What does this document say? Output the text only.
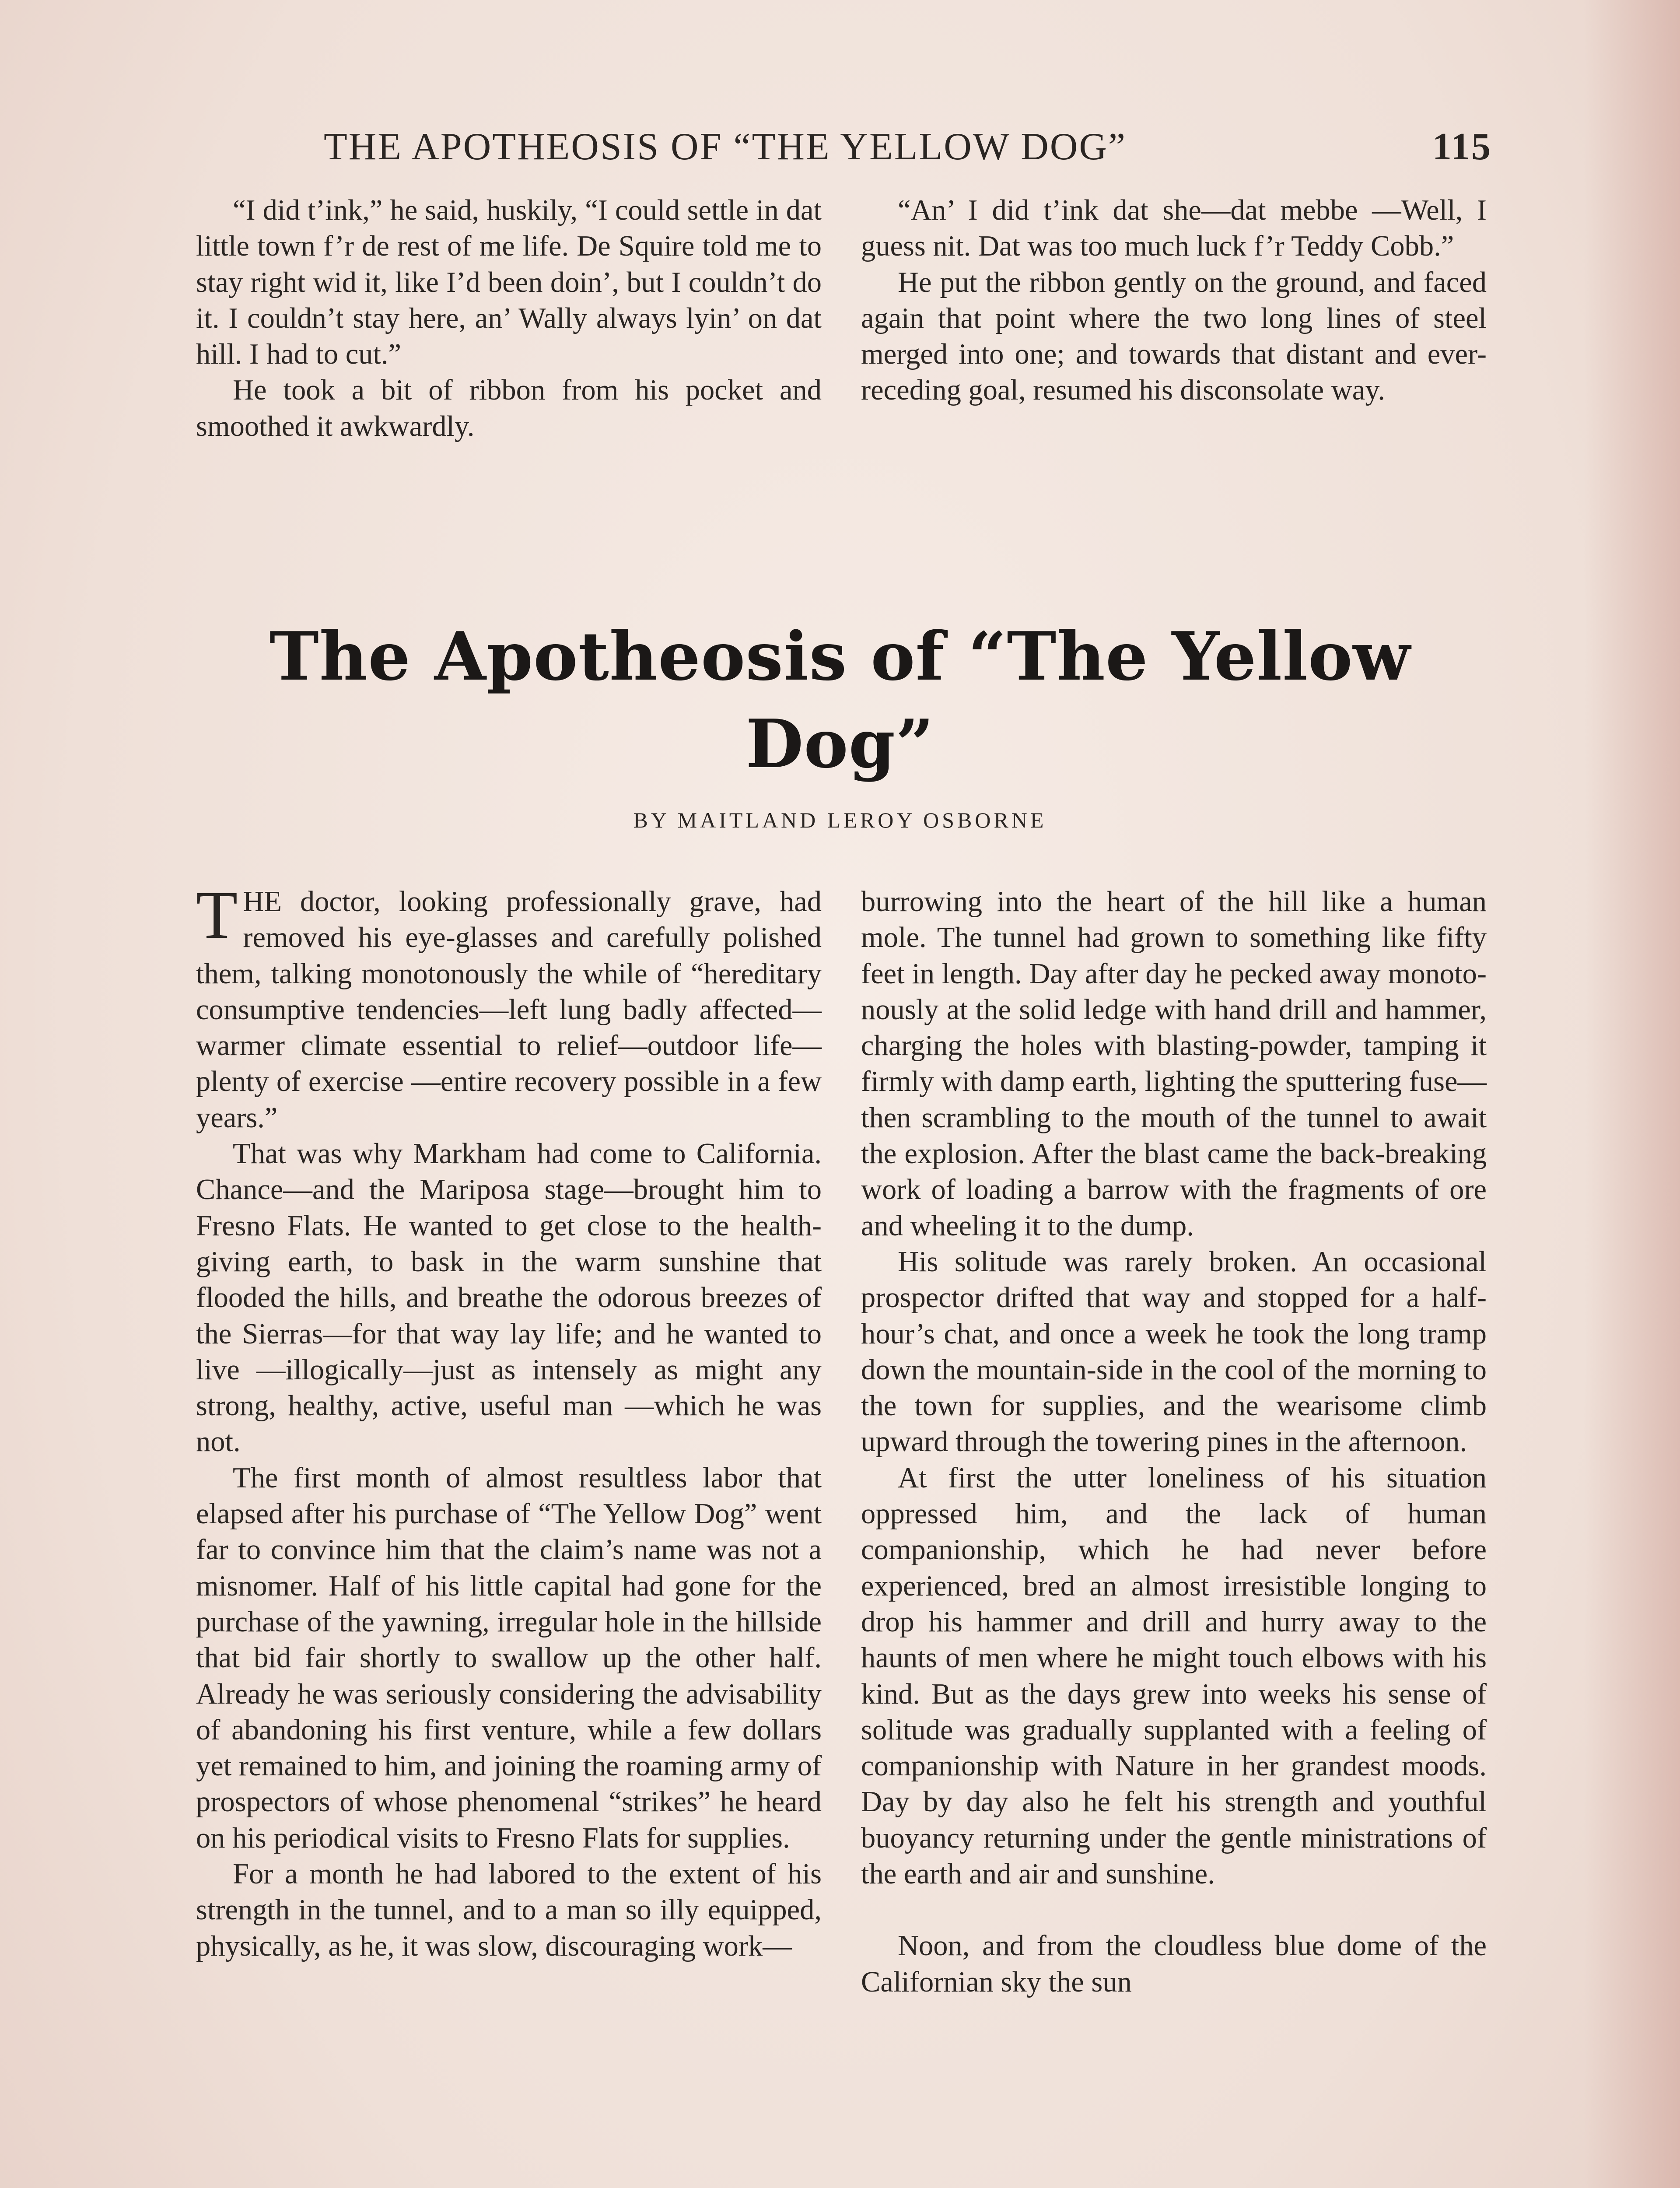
THE APOTHEOSIS OF “THE YELLOW DOG”	115

“I did t’ink,” he said, huskily, “I could settle in dat little town f’r de rest of me life. De Squire told me to stay right wid it, like I’d been doin’, but I couldn’t do it. I couldn’t stay here, an’ Wally always lyin’ on dat hill. I had to cut.”

He took a bit of ribbon from his pocket and smoothed it awkwardly.

“An’ I did t’ink dat she—dat mebbe —Well, I guess nit. Dat was too much luck f’r Teddy Cobb.”

He put the ribbon gently on the ground, and faced again that point where the two long lines of steel merged into one; and towards that distant and ever-receding goal, resumed his disconsolate way.

The Apotheosis of “The Yellow Dog”
BY MAITLAND LEROY OSBORNE

THE doctor, looking professionally grave, had removed his eye-glasses and carefully polished them, talking monotonously the while of “hereditary consumptive tendencies—left lung badly affected—warmer climate essential to relief—outdoor life—plenty of exercise —entire recovery possible in a few years.”

That was why Markham had come to California. Chance—and the Mariposa stage—brought him to Fresno Flats. He wanted to get close to the health-giving earth, to bask in the warm sunshine that flooded the hills, and breathe the odorous breezes of the Sierras—for that way lay life; and he wanted to live —illogically—just as intensely as might any strong, healthy, active, useful man —which he was not.

The first month of almost resultless labor that elapsed after his purchase of “The Yellow Dog” went far to convince him that the claim’s name was not a misnomer. Half of his little capital had gone for the purchase of the yawning, irregular hole in the hillside that bid fair shortly to swallow up the other half. Already he was seriously considering the advisability of abandoning his first venture, while a few dollars yet remained to him, and joining the roaming army of prospectors of whose phenomenal “strikes” he heard on his periodical visits to Fresno Flats for supplies.

For a month he had labored to the extent of his strength in the tunnel, and to a man so illy equipped, physically, as he, it was slow, discouraging work—

burrowing into the heart of the hill like a human mole. The tunnel had grown to something like fifty feet in length. Day after day he pecked away monotonously at the solid ledge with hand drill and hammer, charging the holes with blasting-powder, tamping it firmly with damp earth, lighting the sputtering fuse—then scrambling to the mouth of the tunnel to await the explosion. After the blast came the back-breaking work of loading a barrow with the fragments of ore and wheeling it to the dump.

His solitude was rarely broken. An occasional prospector drifted that way and stopped for a half-hour’s chat, and once a week he took the long tramp down the mountain-side in the cool of the morning to the town for supplies, and the wearisome climb upward through the towering pines in the afternoon.

At first the utter loneliness of his situation oppressed him, and the lack of human companionship, which he had never before experienced, bred an almost irresistible longing to drop his hammer and drill and hurry away to the haunts of men where he might touch elbows with his kind. But as the days grew into weeks his sense of solitude was gradually supplanted with a feeling of companionship with Nature in her grandest moods. Day by day also he felt his strength and youthful buoyancy returning under the gentle ministrations of the earth and air and sunshine.

Noon, and from the cloudless blue dome of the Californian sky the sun
